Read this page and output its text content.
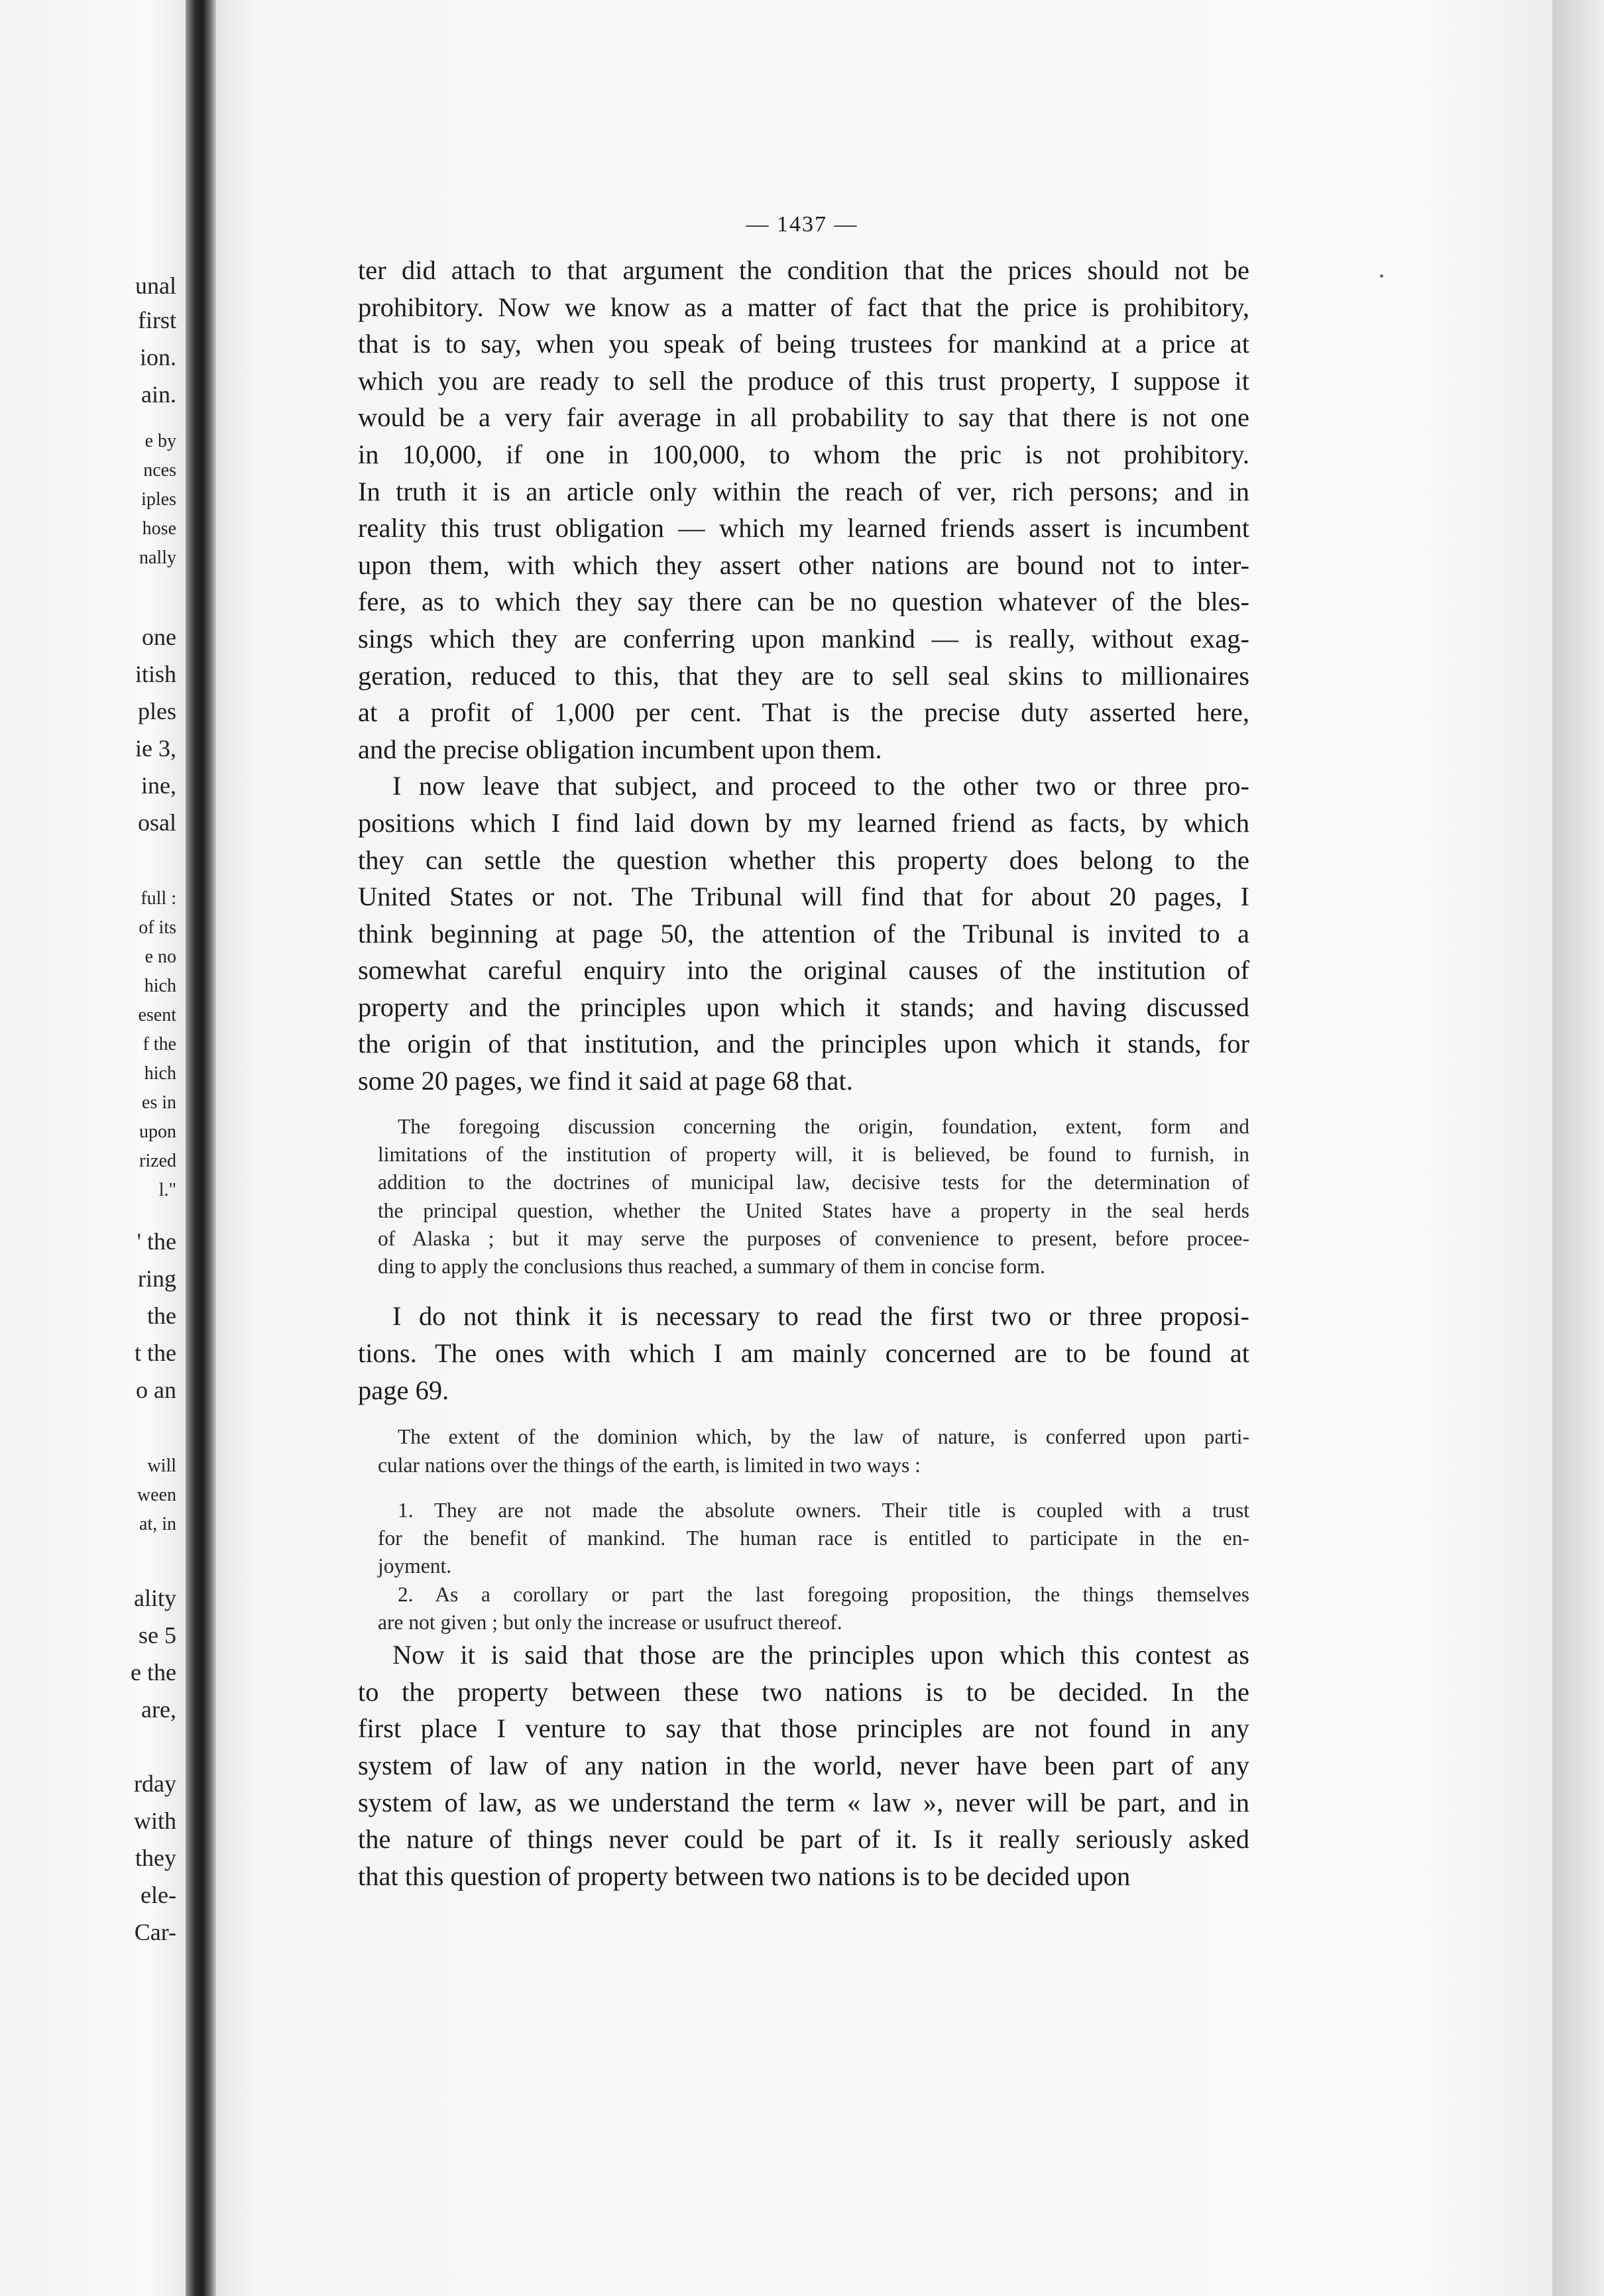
unal
first
ion.
ain.
e by
nces
iples
hose
nally
one
itish
ples
ie 3,
ine,
osal
full :
of its
e no
hich
esent
f the
hich
es in
upon
rized
l."
' the
ring
the
t the
o an
will
ween
at, in
ality
se 5
e the
are,
rday
with
they
ele-
Car-
— 1437 —
ter did attach to that argument the condition that the prices should not be
prohibitory. Now we know as a matter of fact that the price is prohibitory,
that is to say, when you speak of being trustees for mankind at a price at
which you are ready to sell the produce of this trust property, I suppose it
would be a very fair average in all probability to say that there is not one
in 10,000, if one in 100,000, to whom the pric is not prohibitory.
In truth it is an article only within the reach of ver, rich persons; and in
reality this trust obligation — which my learned friends assert is incumbent
upon them, with which they assert other nations are bound not to inter-
fere, as to which they say there can be no question whatever of the bles-
sings which they are conferring upon mankind — is really, without exag-
geration, reduced to this, that they are to sell seal skins to millionaires
at a profit of 1,000 per cent. That is the precise duty asserted here,
and the precise obligation incumbent upon them.
I now leave that subject, and proceed to the other two or three pro-
positions which I find laid down by my learned friend as facts, by which
they can settle the question whether this property does belong to the
United States or not. The Tribunal will find that for about 20 pages, I
think beginning at page 50, the attention of the Tribunal is invited to a
somewhat careful enquiry into the original causes of the institution of
property and the principles upon which it stands; and having discussed
the origin of that institution, and the principles upon which it stands, for
some 20 pages, we find it said at page 68 that.
The foregoing discussion concerning the origin, foundation, extent, form and
limitations of the institution of property will, it is believed, be found to furnish, in
addition to the doctrines of municipal law, decisive tests for the determination of
the principal question, whether the United States have a property in the seal herds
of Alaska ; but it may serve the purposes of convenience to present, before procee-
ding to apply the conclusions thus reached, a summary of them in concise form.
I do not think it is necessary to read the first two or three proposi-
tions. The ones with which I am mainly concerned are to be found at
page 69.
The extent of the dominion which, by the law of nature, is conferred upon parti-
cular nations over the things of the earth, is limited in two ways :
1. They are not made the absolute owners. Their title is coupled with a trust
for the benefit of mankind. The human race is entitled to participate in the en-
joyment.
2. As a corollary or part the last foregoing proposition, the things themselves
are not given ; but only the increase or usufruct thereof.
Now it is said that those are the principles upon which this contest as
to the property between these two nations is to be decided. In the
first place I venture to say that those principles are not found in any
system of law of any nation in the world, never have been part of any
system of law, as we understand the term « law », never will be part, and in
the nature of things never could be part of it. Is it really seriously asked
that this question of property between two nations is to be decided upon
